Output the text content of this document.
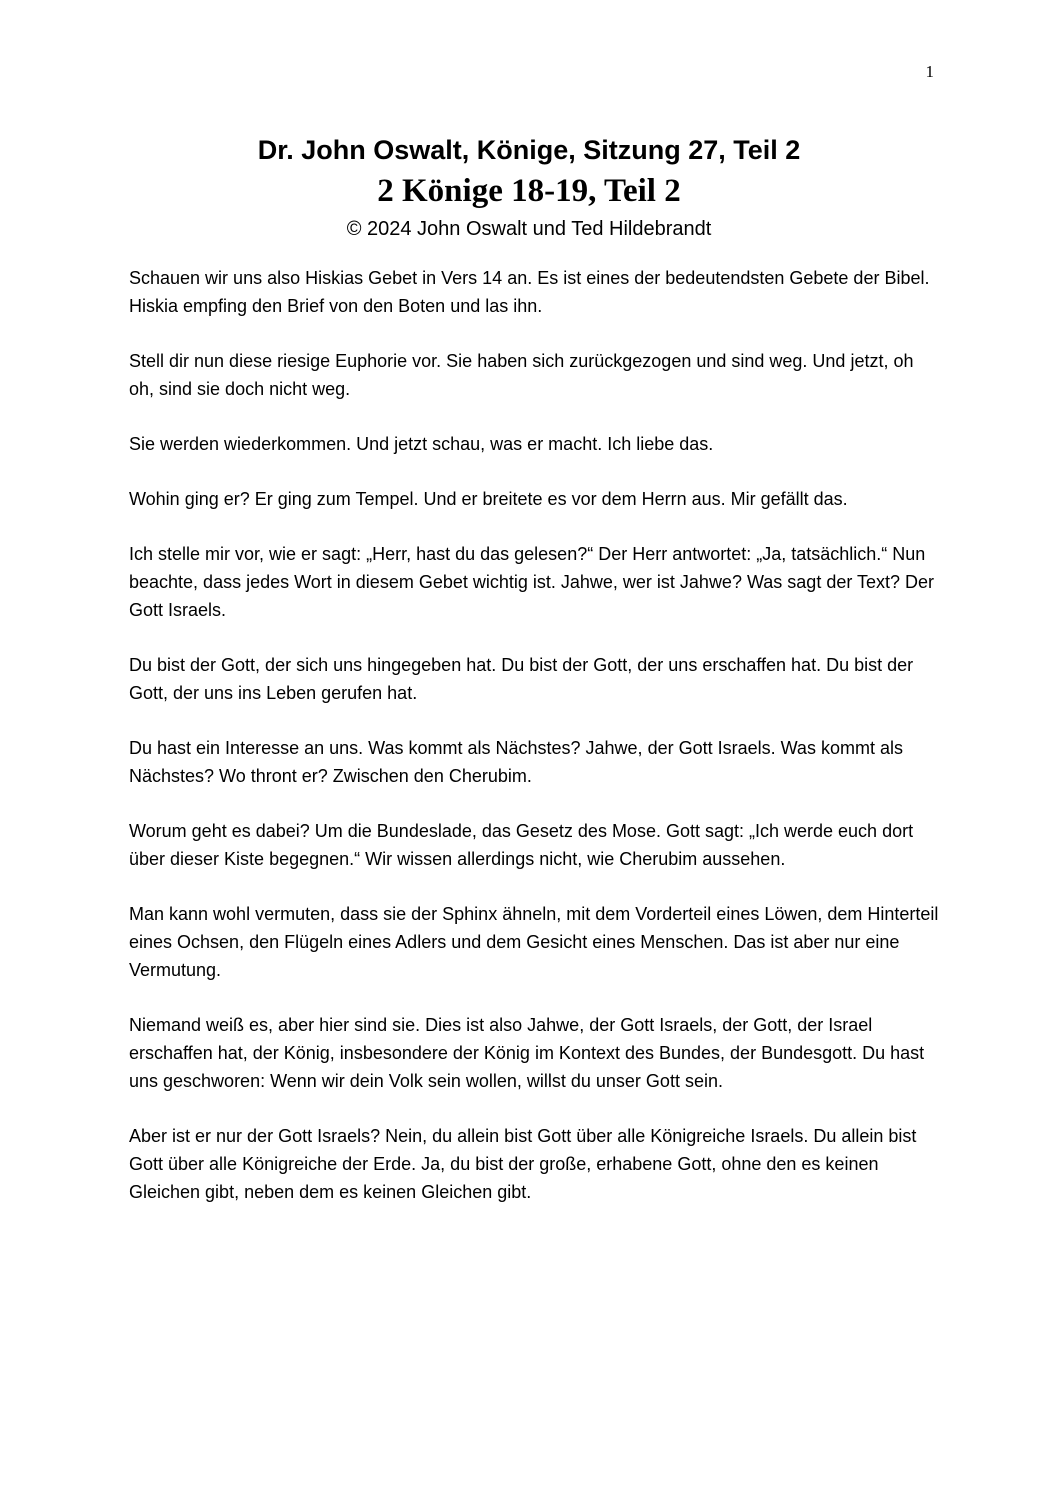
1
Dr. John Oswalt, Könige, Sitzung 27, Teil 2
2 Könige 18-19, Teil 2
© 2024 John Oswalt und Ted Hildebrandt

Schauen wir uns also Hiskias Gebet in Vers 14 an. Es ist eines der bedeutendsten Gebete der Bibel. Hiskia empfing den Brief von den Boten und las ihn.

Stell dir nun diese riesige Euphorie vor. Sie haben sich zurückgezogen und sind weg. Und jetzt, oh oh, sind sie doch nicht weg.

Sie werden wiederkommen. Und jetzt schau, was er macht. Ich liebe das.

Wohin ging er? Er ging zum Tempel. Und er breitete es vor dem Herrn aus. Mir gefällt das.

Ich stelle mir vor, wie er sagt: „Herr, hast du das gelesen?“ Der Herr antwortet: „Ja, tatsächlich.“ Nun beachte, dass jedes Wort in diesem Gebet wichtig ist. Jahwe, wer ist Jahwe? Was sagt der Text? Der Gott Israels.

Du bist der Gott, der sich uns hingegeben hat. Du bist der Gott, der uns erschaffen hat. Du bist der Gott, der uns ins Leben gerufen hat.

Du hast ein Interesse an uns. Was kommt als Nächstes? Jahwe, der Gott Israels. Was kommt als Nächstes? Wo thront er? Zwischen den Cherubim.

Worum geht es dabei? Um die Bundeslade, das Gesetz des Mose. Gott sagt: „Ich werde euch dort über dieser Kiste begegnen.“ Wir wissen allerdings nicht, wie Cherubim aussehen.

Man kann wohl vermuten, dass sie der Sphinx ähneln, mit dem Vorderteil eines Löwen, dem Hinterteil eines Ochsen, den Flügeln eines Adlers und dem Gesicht eines Menschen. Das ist aber nur eine Vermutung.

Niemand weiß es, aber hier sind sie. Dies ist also Jahwe, der Gott Israels, der Gott, der Israel erschaffen hat, der König, insbesondere der König im Kontext des Bundes, der Bundesgott. Du hast uns geschworen: Wenn wir dein Volk sein wollen, willst du unser Gott sein.

Aber ist er nur der Gott Israels? Nein, du allein bist Gott über alle Königreiche Israels. Du allein bist Gott über alle Königreiche der Erde. Ja, du bist der große, erhabene Gott, ohne den es keinen Gleichen gibt, neben dem es keinen Gleichen gibt.
